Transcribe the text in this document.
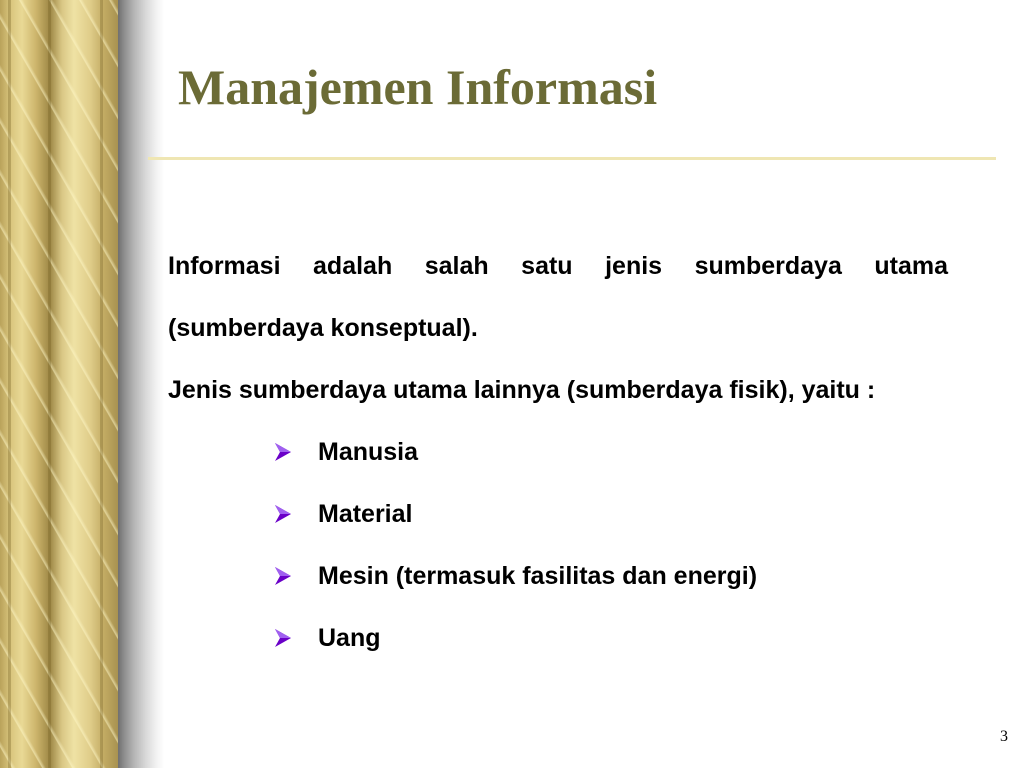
Manajemen Informasi

Informasi adalah salah satu jenis sumberdaya utama (sumberdaya konseptual).

Jenis sumberdaya utama lainnya (sumberdaya fisik), yaitu :

Manusia
Material
Mesin (termasuk fasilitas dan energi)
Uang
3
